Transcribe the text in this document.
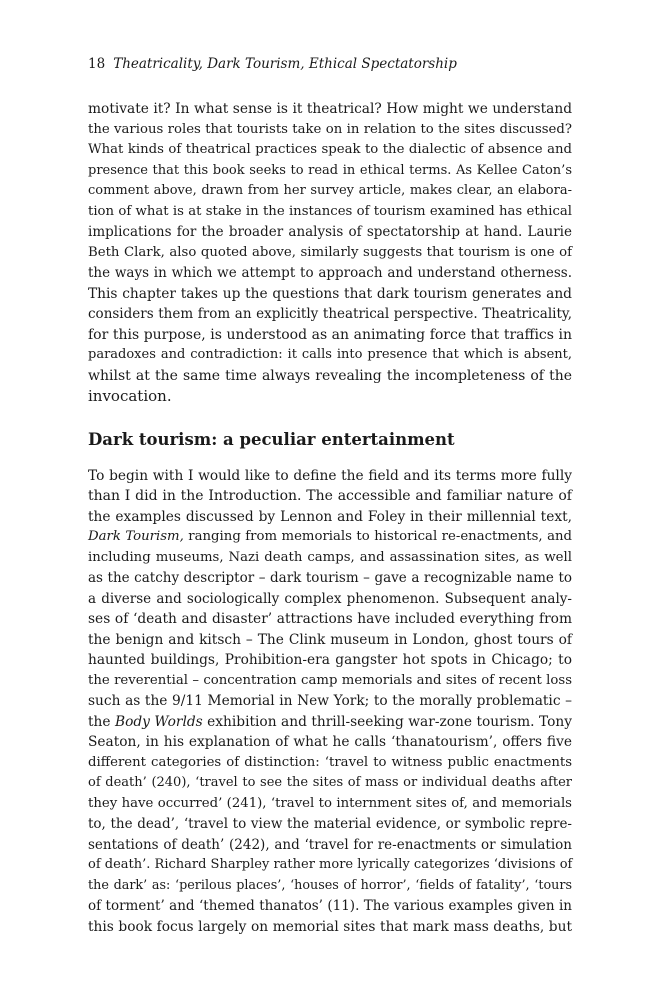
18 Theatricality, Dark Tourism, Ethical Spectatorship

motivate it? In what sense is it theatrical? How might we understand
the various roles that tourists take on in relation to the sites discussed?
What kinds of theatrical practices speak to the dialectic of absence and
presence that this book seeks to read in ethical terms. As Kellee Caton’s
comment above, drawn from her survey article, makes clear, an elabora-
tion of what is at stake in the instances of tourism examined has ethical
implications for the broader analysis of spectatorship at hand. Laurie
Beth Clark, also quoted above, similarly suggests that tourism is one of
the ways in which we attempt to approach and understand otherness.
This chapter takes up the questions that dark tourism generates and
considers them from an explicitly theatrical perspective. Theatricality,
for this purpose, is understood as an animating force that traffics in
paradoxes and contradiction: it calls into presence that which is absent,
whilst at the same time always revealing the incompleteness of the
invocation.

Dark tourism: a peculiar entertainment

To begin with I would like to define the field and its terms more fully
than I did in the Introduction. The accessible and familiar nature of
the examples discussed by Lennon and Foley in their millennial text,
Dark Tourism, ranging from memorials to historical re-enactments, and
including museums, Nazi death camps, and assassination sites, as well
as the catchy descriptor – dark tourism – gave a recognizable name to
a diverse and sociologically complex phenomenon. Subsequent analy-
ses of ‘death and disaster’ attractions have included everything from
the benign and kitsch – The Clink museum in London, ghost tours of
haunted buildings, Prohibition-era gangster hot spots in Chicago; to
the reverential – concentration camp memorials and sites of recent loss
such as the 9/11 Memorial in New York; to the morally problematic –
the Body Worlds exhibition and thrill-seeking war-zone tourism. Tony
Seaton, in his explanation of what he calls ‘thanatourism’, offers five
different categories of distinction: ‘travel to witness public enactments
of death’ (240), ‘travel to see the sites of mass or individual deaths after
they have occurred’ (241), ‘travel to internment sites of, and memorials
to, the dead’, ‘travel to view the material evidence, or symbolic repre-
sentations of death’ (242), and ‘travel for re-enactments or simulation
of death’. Richard Sharpley rather more lyrically categorizes ‘divisions of
the dark’ as: ‘perilous places’, ‘houses of horror’, ‘fields of fatality’, ‘tours
of torment’ and ‘themed thanatos’ (11). The various examples given in
this book focus largely on memorial sites that mark mass deaths, but
